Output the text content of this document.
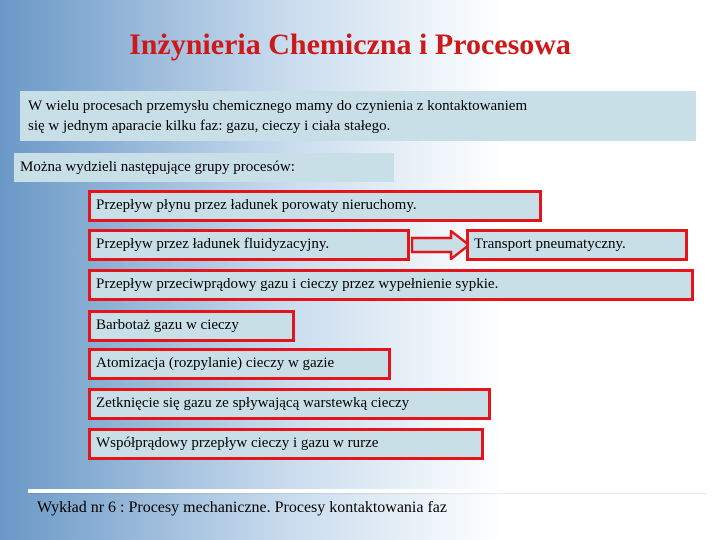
Inżynieria Chemiczna i Procesowa
W wielu procesach przemysłu chemicznego mamy do czynienia z kontaktowaniem
się w jednym aparacie kilku faz: gazu, cieczy i ciała stałego.
Można wydzieli następujące grupy procesów:
Przepływ płynu przez ładunek porowaty nieruchomy.
Przepływ przez ładunek fluidyzacyjny.	Transport pneumatyczny.
Przepływ przeciwprądowy gazu i cieczy przez wypełnienie sypkie.
Barbotaż gazu w cieczy
Atomizacja (rozpylanie) cieczy w gazie
Zetknięcie się gazu ze spływającą warstewką cieczy
Współprądowy przepływ cieczy i gazu w rurze
Wykład nr 6 : Procesy mechaniczne. Procesy kontaktowania faz
